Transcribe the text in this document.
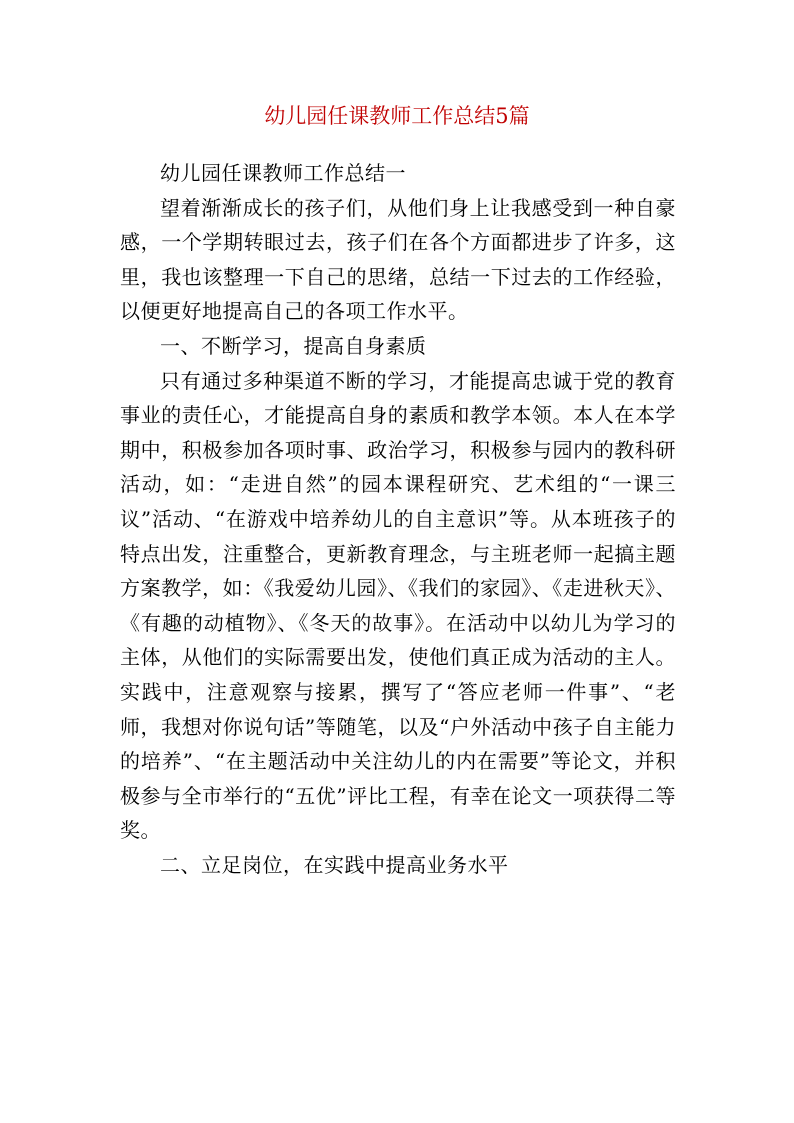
幼儿园任课教师工作总结5篇

幼儿园任课教师工作总结一

望着渐渐成长的孩子们，从他们身上让我感受到一种自豪感，一个学期转眼过去，孩子们在各个方面都进步了许多，这里，我也该整理一下自己的思绪，总结一下过去的工作经验，以便更好地提高自己的各项工作水平。

一、不断学习，提高自身素质

只有通过多种渠道不断的学习，才能提高忠诚于党的教育事业的责任心，才能提高自身的素质和教学本领。本人在本学期中，积极参加各项时事、政治学习，积极参与园内的教科研活动，如：“走进自然”的园本课程研究、艺术组的“一课三议”活动、“在游戏中培养幼儿的自主意识”等。从本班孩子的特点出发，注重整合，更新教育理念，与主班老师一起搞主题方案教学，如：《我爱幼儿园》、《我们的家园》、《走进秋天》、《有趣的动植物》、《冬天的故事》。在活动中以幼儿为学习的主体，从他们的实际需要出发，使他们真正成为活动的主人。实践中，注意观察与接累，撰写了“答应老师一件事”、“老师，我想对你说句话”等随笔，以及“户外活动中孩子自主能力的培养”、“在主题活动中关注幼儿的内在需要”等论文，并积极参与全市举行的“五优”评比工程，有幸在论文一项获得二等奖。

二、立足岗位，在实践中提高业务水平
